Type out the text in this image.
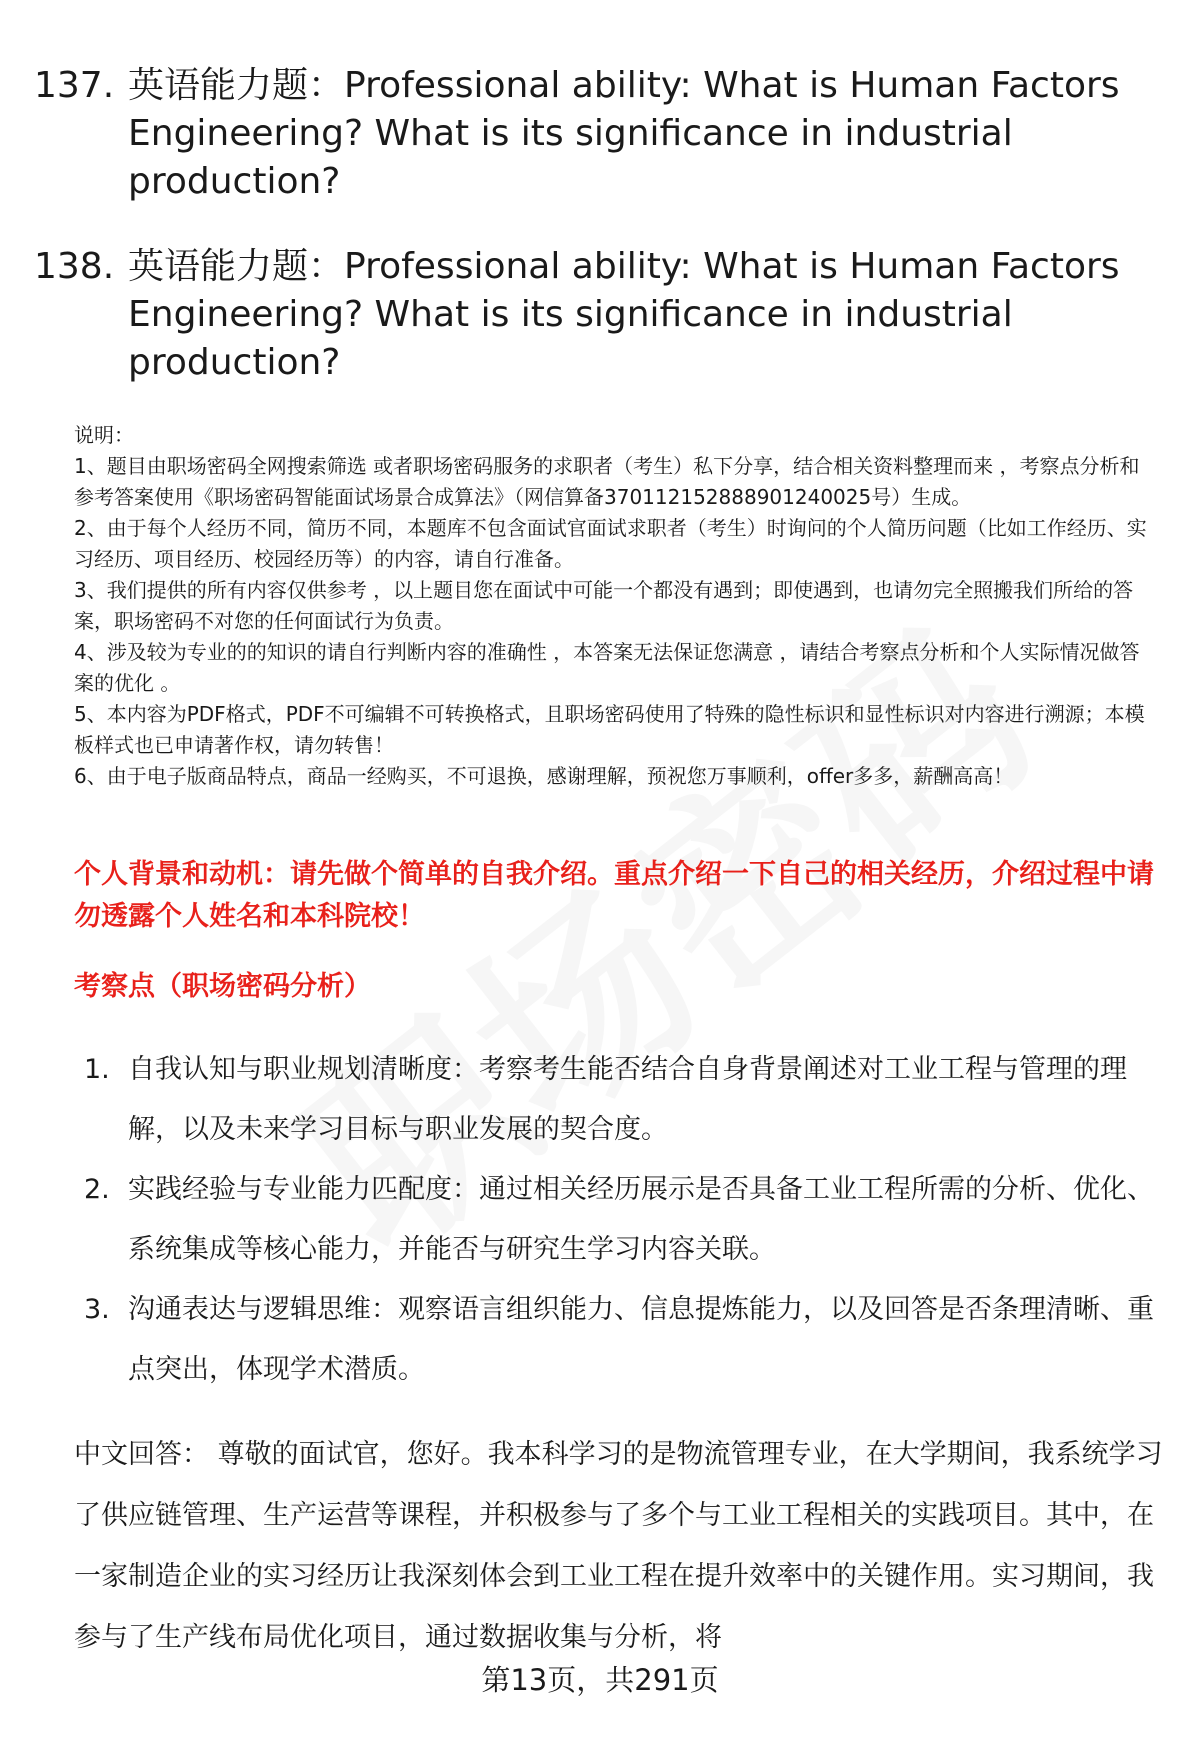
137. 英语能力题：Professional ability: What is Human Factors Engineering? What is its significance in industrial production?
138. 英语能力题：Professional ability: What is Human Factors Engineering? What is its significance in industrial production?

说明：

1、题目由职场密码全网搜索筛选 或者职场密码服务的求职者（考生）私下分享，结合相关资料整理而来 ，考察点分析和参考答案使用《职场密码智能面试场景合成算法》（网信算备370112152888901240025号）生成。

2、由于每个人经历不同，简历不同，本题库不包含面试官面试求职者（考生）时询问的个人简历问题（比如工作经历、实习经历、项目经历、校园经历等）的内容，请自行准备。

3、我们提供的所有内容仅供参考 ，以上题目您在面试中可能一个都没有遇到；即使遇到，也请勿完全照搬我们所给的答案，职场密码不对您的任何面试行为负责。

4、涉及较为专业的的知识的请自行判断内容的准确性 ，本答案无法保证您满意 ，请结合考察点分析和个人实际情况做答案的优化 。

5、本内容为PDF格式，PDF不可编辑不可转换格式，且职场密码使用了特殊的隐性标识和显性标识对内容进行溯源；本模板样式也已申请著作权，请勿转售！

6、由于电子版商品特点，商品一经购买，不可退换，感谢理解，预祝您万事顺利，offer多多，薪酬高高！

个人背景和动机：请先做个简单的自我介绍。重点介绍一下自己的相关经历，介绍过程中请勿透露个人姓名和本科院校！
考察点（职场密码分析）
1. 自我认知与职业规划清晰度：考察考生能否结合自身背景阐述对工业工程与管理的理解，以及未来学习目标与职业发展的契合度。
2. 实践经验与专业能力匹配度：通过相关经历展示是否具备工业工程所需的分析、优化、系统集成等核心能力，并能否与研究生学习内容关联。
3. 沟通表达与逻辑思维：观察语言组织能力、信息提炼能力，以及回答是否条理清晰、重点突出，体现学术潜质。
中文回答： 尊敬的面试官，您好。我本科学习的是物流管理专业，在大学期间，我系统学习了供应链管理、生产运营等课程，并积极参与了多个与工业工程相关的实践项目。其中，在一家制造企业的实习经历让我深刻体会到工业工程在提升效率中的关键作用。实习期间，我参与了生产线布局优化项目，通过数据收集与分析，将
第13页，共291页
